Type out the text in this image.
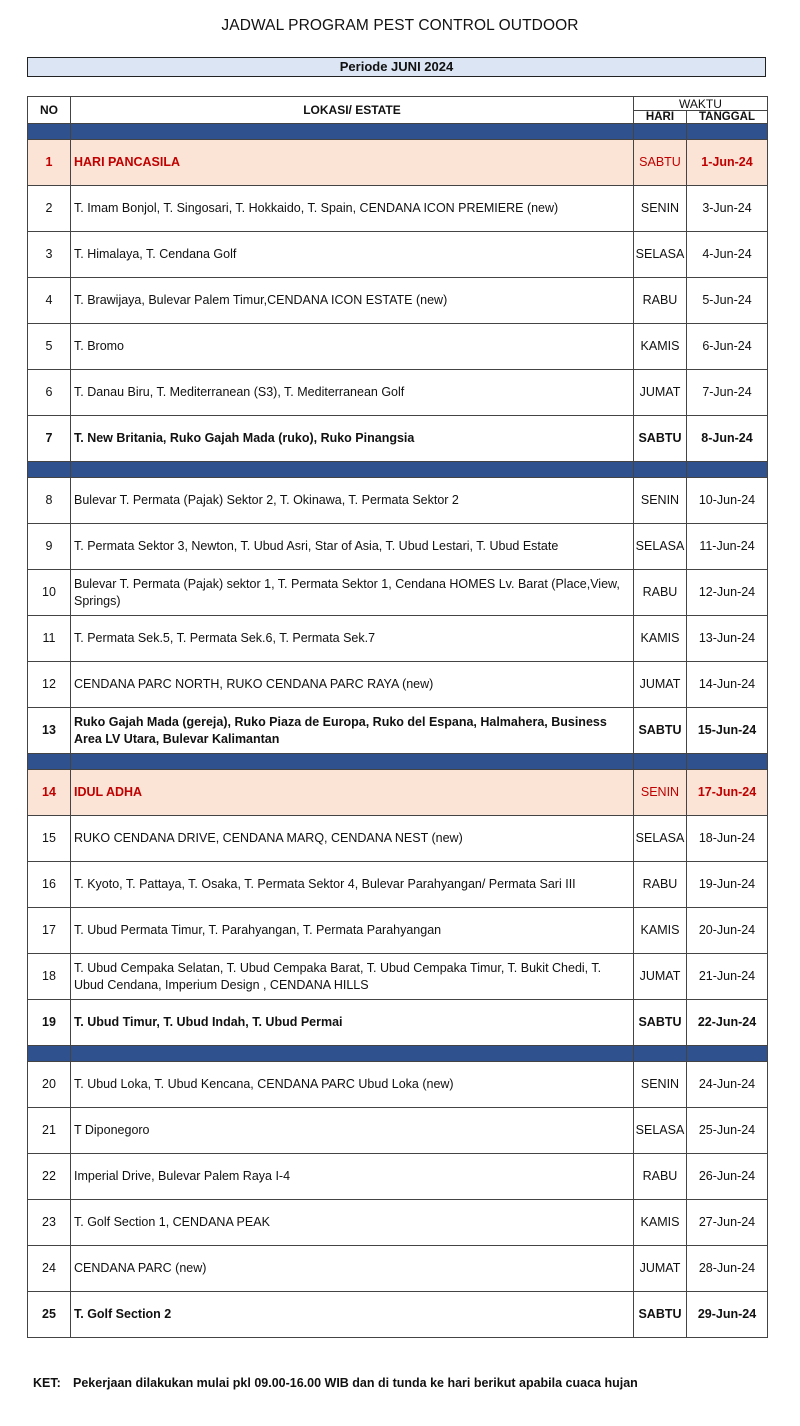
JADWAL PROGRAM PEST CONTROL OUTDOOR
Periode JUNI 2024
NO	LOKASI/ ESTATE	WAKTU	
		HARI	TANGGAL

1	HARI PANCASILA	SABTU	1-Jun-24
2	T. Imam Bonjol, T. Singosari, T. Hokkaido, T. Spain, CENDANA ICON PREMIERE (new)	SENIN	3-Jun-24
3	T. Himalaya, T. Cendana Golf	SELASA	4-Jun-24
4	T. Brawijaya, Bulevar Palem Timur,CENDANA ICON ESTATE (new)	RABU	5-Jun-24
5	T. Bromo	KAMIS	6-Jun-24
6	T. Danau Biru, T. Mediterranean (S3), T. Mediterranean Golf	JUMAT	7-Jun-24
7	T. New Britania, Ruko Gajah Mada (ruko), Ruko Pinangsia	SABTU	8-Jun-24

8	Bulevar T. Permata (Pajak) Sektor 2, T. Okinawa, T. Permata Sektor 2	SENIN	10-Jun-24
9	T. Permata Sektor 3, Newton, T. Ubud Asri, Star of Asia, T. Ubud Lestari, T. Ubud Estate	SELASA	11-Jun-24
10	Bulevar T. Permata (Pajak) sektor 1, T. Permata Sektor 1, Cendana HOMES Lv. Barat (Place,View, Springs)	RABU	12-Jun-24
11	T. Permata Sek.5, T. Permata Sek.6, T. Permata Sek.7	KAMIS	13-Jun-24
12	CENDANA PARC NORTH, RUKO CENDANA PARC RAYA (new)	JUMAT	14-Jun-24
13	Ruko Gajah Mada (gereja), Ruko Piaza de Europa, Ruko del Espana, Halmahera, Business Area LV Utara, Bulevar Kalimantan	SABTU	15-Jun-24

14	IDUL ADHA	SENIN	17-Jun-24
15	RUKO CENDANA DRIVE, CENDANA MARQ, CENDANA NEST (new)	SELASA	18-Jun-24
16	T. Kyoto, T. Pattaya, T. Osaka, T. Permata Sektor 4, Bulevar Parahyangan/ Permata Sari III	RABU	19-Jun-24
17	T. Ubud Permata Timur, T. Parahyangan, T. Permata Parahyangan	KAMIS	20-Jun-24
18	T. Ubud Cempaka Selatan, T. Ubud Cempaka Barat, T. Ubud Cempaka Timur, T. Bukit Chedi, T. Ubud Cendana, Imperium Design , CENDANA HILLS	JUMAT	21-Jun-24
19	T. Ubud Timur, T. Ubud Indah, T. Ubud Permai	SABTU	22-Jun-24

20	T. Ubud Loka, T. Ubud Kencana, CENDANA PARC Ubud Loka (new)	SENIN	24-Jun-24
21	T Diponegoro	SELASA	25-Jun-24
22	Imperial Drive, Bulevar Palem Raya I-4	RABU	26-Jun-24
23	T. Golf Section 1, CENDANA PEAK	KAMIS	27-Jun-24
24	CENDANA PARC (new)	JUMAT	28-Jun-24
25	T. Golf Section 2	SABTU	29-Jun-24
KET: Pekerjaan dilakukan mulai pkl 09.00-16.00 WIB dan di tunda ke hari berikut apabila cuaca hujan
